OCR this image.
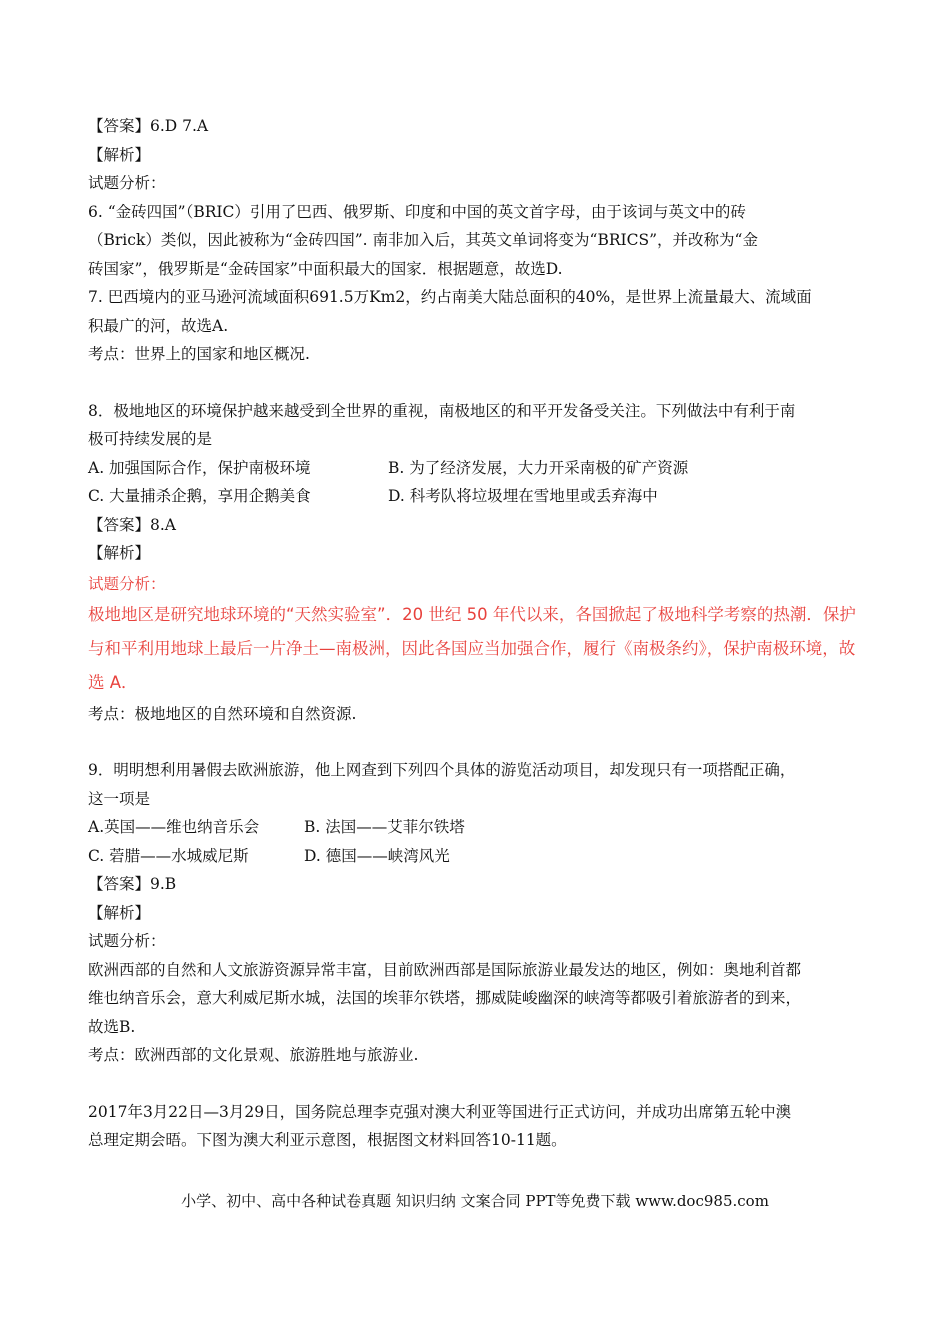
【答案】6.D 7.A
【解析】
试题分析：
6. “金砖四国”（BRIC）引用了巴西、俄罗斯、印度和中国的英文首字母，由于该词与英文中的砖
（Brick）类似，因此被称为“金砖四国”. 南非加入后，其英文单词将变为“BRICS”，并改称为“金
砖国家”，俄罗斯是“金砖国家”中面积最大的国家．根据题意，故选D.
7. 巴西境内的亚马逊河流域面积691.5万Km2，约占南美大陆总面积的40%，是世界上流量最大、流域面
积最广的河，故选A.
考点：世界上的国家和地区概况.
8．极地地区的环境保护越来越受到全世界的重视，南极地区的和平开发备受关注。下列做法中有利于南
极可持续发展的是
A. 加强国际合作，保护南极环境	B. 为了经济发展，大力开采南极的矿产资源
C. 大量捕杀企鹅，享用企鹅美食	D. 科考队将垃圾埋在雪地里或丢弃海中
【答案】8.A
【解析】
试题分析：
极地地区是研究地球环境的“天然实验室”．20 世纪 50 年代以来，各国掀起了极地科学考察的热潮．保护
与和平利用地球上最后一片净土—南极洲，因此各国应当加强合作，履行《南极条约》，保护南极环境，故
选 A．
考点：极地地区的自然环境和自然资源.
9．明明想利用暑假去欧洲旅游，他上网查到下列四个具体的游览活动项目，却发现只有一项搭配正确，
这一项是
A.英国——维也纳音乐会	B. 法国——艾菲尔铁塔
C. 菪腊——水城威尼斯	D. 德国——峡湾风光
【答案】9.B
【解析】
试题分析：
欧洲西部的自然和人文旅游资源异常丰富，目前欧洲西部是国际旅游业最发达的地区，例如：奥地利首都
维也纳音乐会，意大利威尼斯水城，法国的埃菲尔铁塔，挪威陡峻幽深的峡湾等都吸引着旅游者的到来，
故选B.
考点：欧洲西部的文化景观、旅游胜地与旅游业.
2017年3月22日—3月29日，国务院总理李克强对澳大利亚等国进行正式访问，并成功出席第五轮中澳
总理定期会晤。下图为澳大利亚示意图，根据图文材料回答10-11题。
小学、初中、高中各种试卷真题 知识归纳 文案合同 PPT等免费下载 www.doc985.com
